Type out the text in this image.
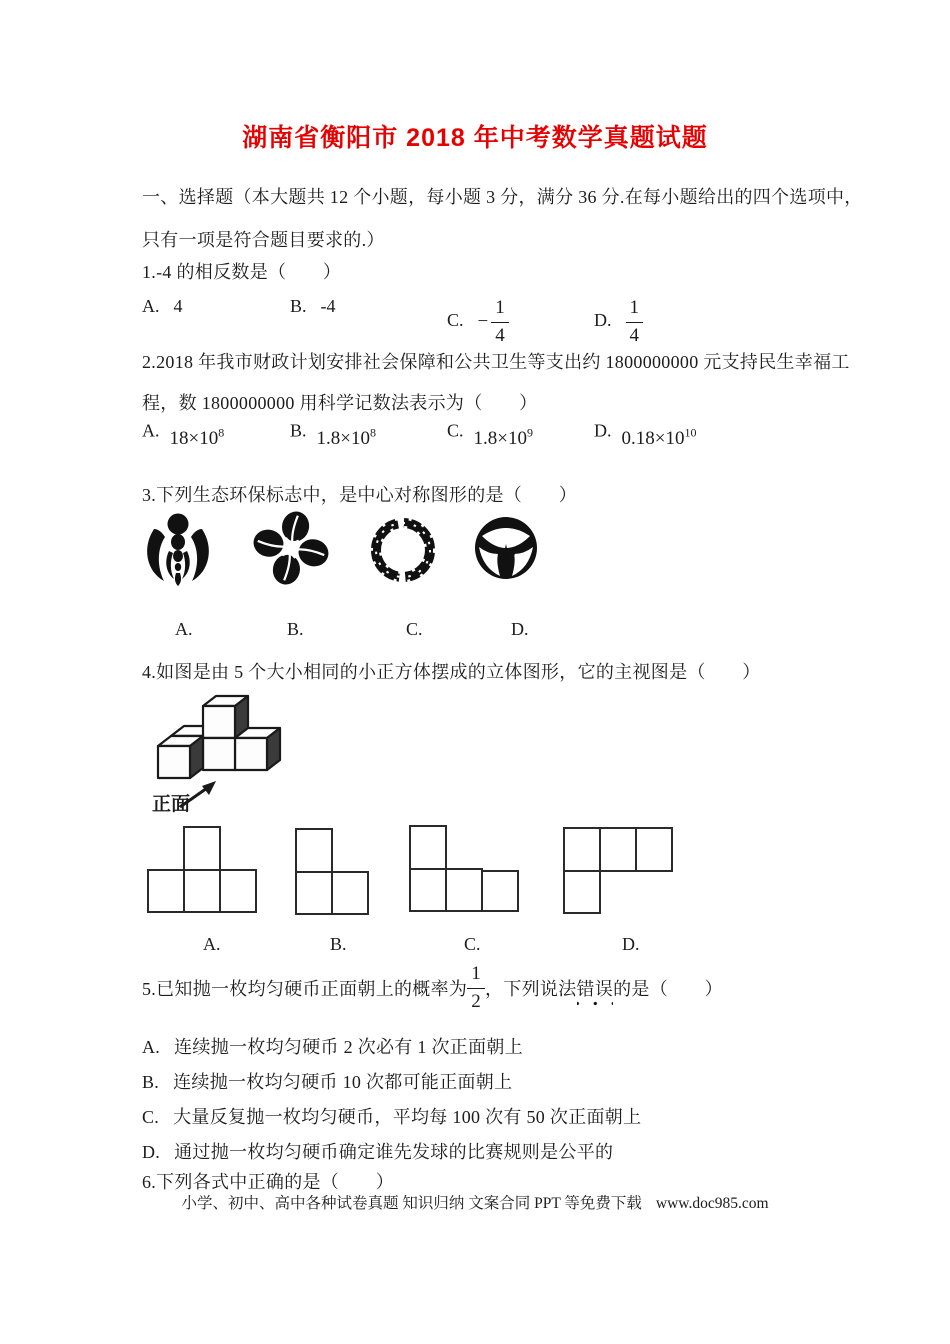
湖南省衡阳市 2018 年中考数学真题试题
一、选择题（本大题共 12 个小题，每小题 3 分，满分 36 分.在每小题给出的四个选项中，
只有一项是符合题目要求的.）
1.-4 的相反数是（　　）
A. 4	B. -4
C. − $\frac{1}{4}$	D. $\frac{1}{4}$
2.2018 年我市财政计划安排社会保障和公共卫生等支出约 1800000000 元支持民生幸福工
程，数 1800000000 用科学记数法表示为（　　）
A. $18\times 10^8$	B. $1.8\times 10^8$	C. $1.8\times 10^9$	D. $0.18\times 10^{10}$
3.下列生态环保标志中，是中心对称图形的是（　　）
A.	B.	C.	D.
4.如图是由 5 个大小相同的小正方体摆成的立体图形，它的主视图是（　　）
正面
A.	B.	C.	D.
5.已知抛一枚均匀硬币正面朝上的概率为 $\frac{1}{2}$ ，下列说法错误的是（　　）
A. 连续抛一枚均匀硬币 2 次必有 1 次正面朝上
B. 连续抛一枚均匀硬币 10 次都可能正面朝上
C. 大量反复抛一枚均匀硬币，平均每 100 次有 50 次正面朝上
D. 通过抛一枚均匀硬币确定谁先发球的比赛规则是公平的
6.下列各式中正确的是（　　）
小学、初中、高中各种试卷真题 知识归纳 文案合同 PPT 等免费下载 www.doc985.com
